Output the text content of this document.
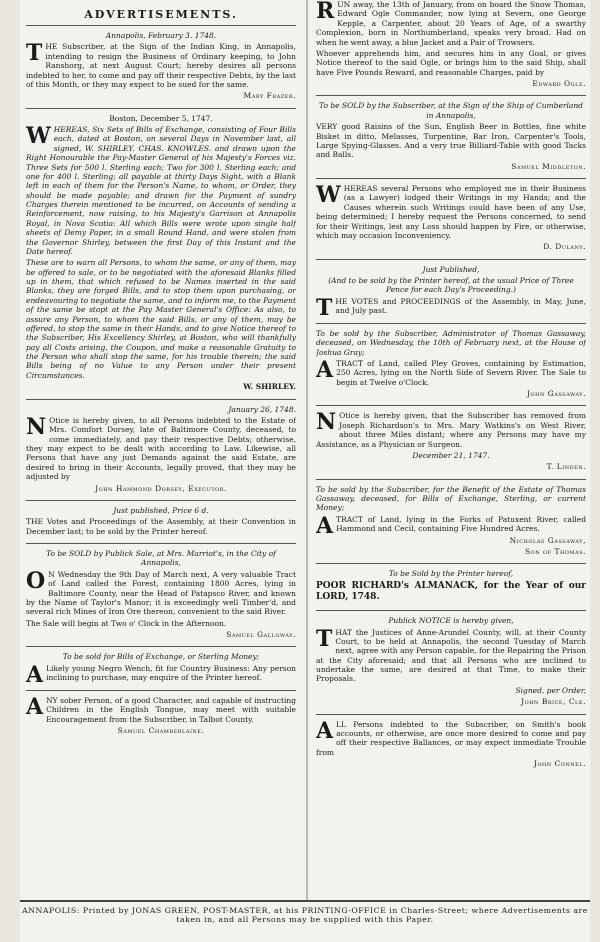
ADVERTISEMENTS.

Annapolis, February 3. 1748.

THE Subscriber, at the Sign of the Indian King, in Annapolis, intending to resign the Business of Ordinary keeping, to John Ranshorg, at next August Court; hereby desires all persons indebted to her, to come and pay off their respective Debts, by the last of this Month, or they may expect to be sued for the same.

Mary Frazer.

Boston, December 5, 1747.

WHEREAS, Six Sets of Bills of Exchange, consisting of Four Bills each, dated at Boston, on several Days in November last, all signed, W. SHIRLEY. CHAS. KNOWLES. and drawn upon the Right Honourable the Pay-Master General of his Majesty's Forces viz. Three Sets for 500 l. Sterling each; Two for 300 l. Sterling each; and one for 400 l. Sterling; all payable at thirty Days Sight, with a Blank left in each of them for the Person's Name, to whom, or Order, they should be made payable; and drawn for the Payment of sundry Charges therein mentioned to be incurred, on Accounts of sending a Reinforcement, now raising, to his Majesty's Garrison at Annapolis Royal, in Nova Scotia: All which Bills were wrote upon single half sheets of Demy Paper, in a small Round Hand, and were stolen from the Governor Shirley, between the first Day of this Instant and the Date hereof.

These are to warn all Persons, to whom the same, or any of them, may be offered to sale, or to be negotiated with the aforesaid Blanks filled up in them, that which refused to be Names inserted in the said Blanks, they are forged Bills, and to stop them upon purchasing, or endeavouring to negotiate the same, and to inform me, to the Payment of the same be stopt at the Pay Master General's Office: As also, to assure any Person, to whom the said Bills, or any of them, may be offered, to stop the same in their Hands, and to give Notice thereof to the Subscriber, His Excellency Shirley, at Boston, who will thankfully pay all Costs arising, the Coupon, and make a reasonable Gratuity to the Person who shall stop the same, for his trouble therein; the said Bills being of no Value to any Person under their present Circumstances.

W. SHIRLEY.

January 26, 1748.

N Otice is hereby given, to all Persons indebted to the Estate of Mrs. Comfort Dorsey, late of Baltimore County, deceased, to come immediately, and pay their respective Debts; otherwise, they may expect to be dealt with according to Law. Likewise, all Persons that have any just Demands against the said Estate, are desired to bring in their Accounts, legally proved, that they may be adjusted by

John Hammond Dorsey, Executor.

Just published, Price 6 d.

THE Votes and Proceedings of the Assembly, at their Convention in December last; to be sold by the Printer hereof.

To be SOLD by Publick Sale, at Mrs. Marriot's, in the City of Annapolis,

O N Wednesday the 9th Day of March next, A very valuable Tract of Land called the Forest, containing 1800 Acres, lying in Baltimore County, near the Head of Patapsco River, and known by the Name of Taylor's Manor; it is exceedingly well Timber'd, and several rich Mines of Iron Ore thereon, convenient to the said River.

The Sale will begin at Two o' Clock in the Afternoon.

Samuel Galloway.

To be sold for Bills of Exchange, or Sterling Money;

A Likely young Negro Wench, fit for Country Business: Any person inclining to purchase, may enquire of the Printer hereof.

ANY sober Person, of a good Character, and capable of instructing Children in the English Tongue, may meet with suitable Encouragement from the Subscriber, in Talbot County.

Samuel Chamberlaine.

RUN away, the 13th of January, from on board the Snow Thomas, Edward Ogle Commander, now lying at Severn, one George Kepple, a Carpenter, about 20 Years of Age, of a swarthy Complexion, born in Northumberland, speaks very broad. Had on when he went away, a blue Jacket and a Pair of Trowsers.

Whoever apprehends him, and secures him in any Goal, or gives Notice thereof to the said Ogle, or brings him to the said Ship, shall have Five Pounds Reward, and reasonable Charges, paid by

Edward Ogle.

To be SOLD by the Subscriber, at the Sign of the Ship of Cumberland in Annapolis,

VERY good Raisins of the Sun, English Beer in Bottles, fine white Bisket in ditto, Melasses, Turpentine, Bar Iron, Carpenter's Tools, Large Spying-Glasses. And a very true Billiard-Table with good Tacks and Balls.

Samuel Middleton.

WHEREAS several Persons who employed me in their Business (as a Lawyer) lodged their Writings in my Hands; and the Causes wherein such Writings could have been of any Use, being determined; I hereby request the Persons concerned, to send for their Writings, lest any Loss should happen by Fire, or otherwise, which may occasion Inconveniency.

D. Dulany.

Just Published,

(And to be sold by the Printer hereof, at the usual Price of Three Pence for each Day's Proceeding.)

THE VOTES and PROCEEDINGS of the Assembly, in May, June, and July past.

To be sold by the Subscriber, Administrator of Thomas Gassaway, deceased, on Wednesday, the 10th of February next, at the House of Joshua Gray;

ATRACT of Land, called Pley Groves, containing by Estimation, 250 Acres, lying on the North Side of Severn River. The Sale to begin at Twelve o'Clock.

John Gassaway.

N Otice is hereby given, that the Subscriber has removed from Joseph Richardson's to Mrs. Mary Watkins's on West River, about three Miles distant; where any Persons may have my Assistance, as a Physician or Surgeon.

December 21, 1747.

T. Linden.

To be sold by the Subscriber, for the Benefit of the Estate of Thomas Gassaway, deceased, for Bills of Exchange, Sterling, or current Money;

ATRACT of Land, lying in the Forks of Patuxent River, called Hammond and Cecil, containing Five Hundred Acres.

Nicholas Gassaway,

Son of Thomas.

To be Sold by the Printer hereof,

POOR RICHARD's ALMANACK, for the Year of our LORD, 1748.

Publick NOTICE is hereby given,

THAT the Justices of Anne-Arundel County, will, at their County Court, to be held at Annapolis, the second Tuesday of March next, agree with any Person capable, for the Repairing the Prison at the City aforesaid; and that all Persons who are inclined to undertake the same, are desired at that Time, to make their Proposals.

Signed, per Order,

John Brice, Clk.

ALL Persons indebted to the Subscriber, on Smith's book accounts, or otherwise, are once more desired to come and pay off their respective Ballances, or may expect immediate Trouble from

John Connel.

ANNAPOLIS: Printed by JONAS GREEN, POST-MASTER, at his PRINTING-OFFICE in Charles-Street; where Advertisements are taken in, and all Persons may be supplied with this Paper.
